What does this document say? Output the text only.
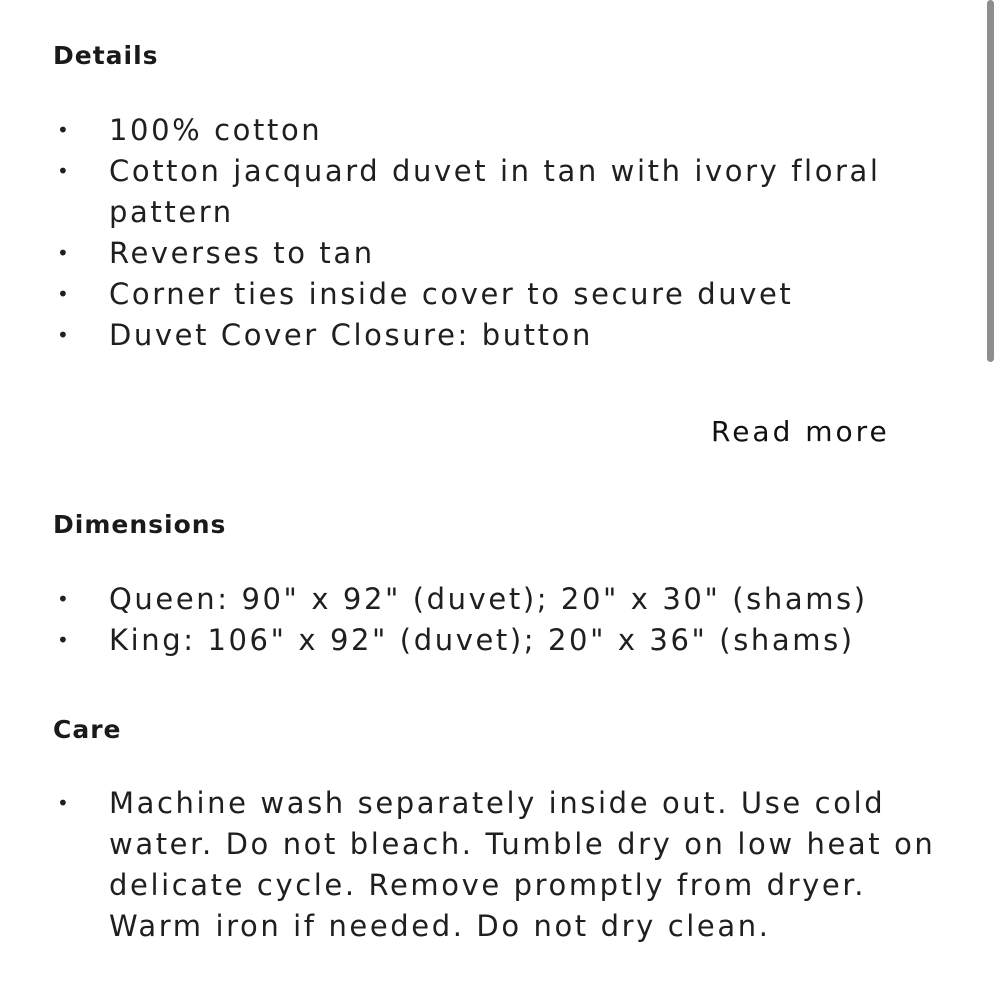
Details
• 100% cotton
• Cotton jacquard duvet in tan with ivory floral pattern
• Reverses to tan
• Corner ties inside cover to secure duvet
• Duvet Cover Closure: button
Read more
Dimensions
• Queen: 90" x 92" (duvet); 20" x 30" (shams)
• King: 106" x 92" (duvet); 20" x 36" (shams)
Care
• Machine wash separately inside out. Use cold water. Do not bleach. Tumble dry on low heat on delicate cycle. Remove promptly from dryer. Warm iron if needed. Do not dry clean.
